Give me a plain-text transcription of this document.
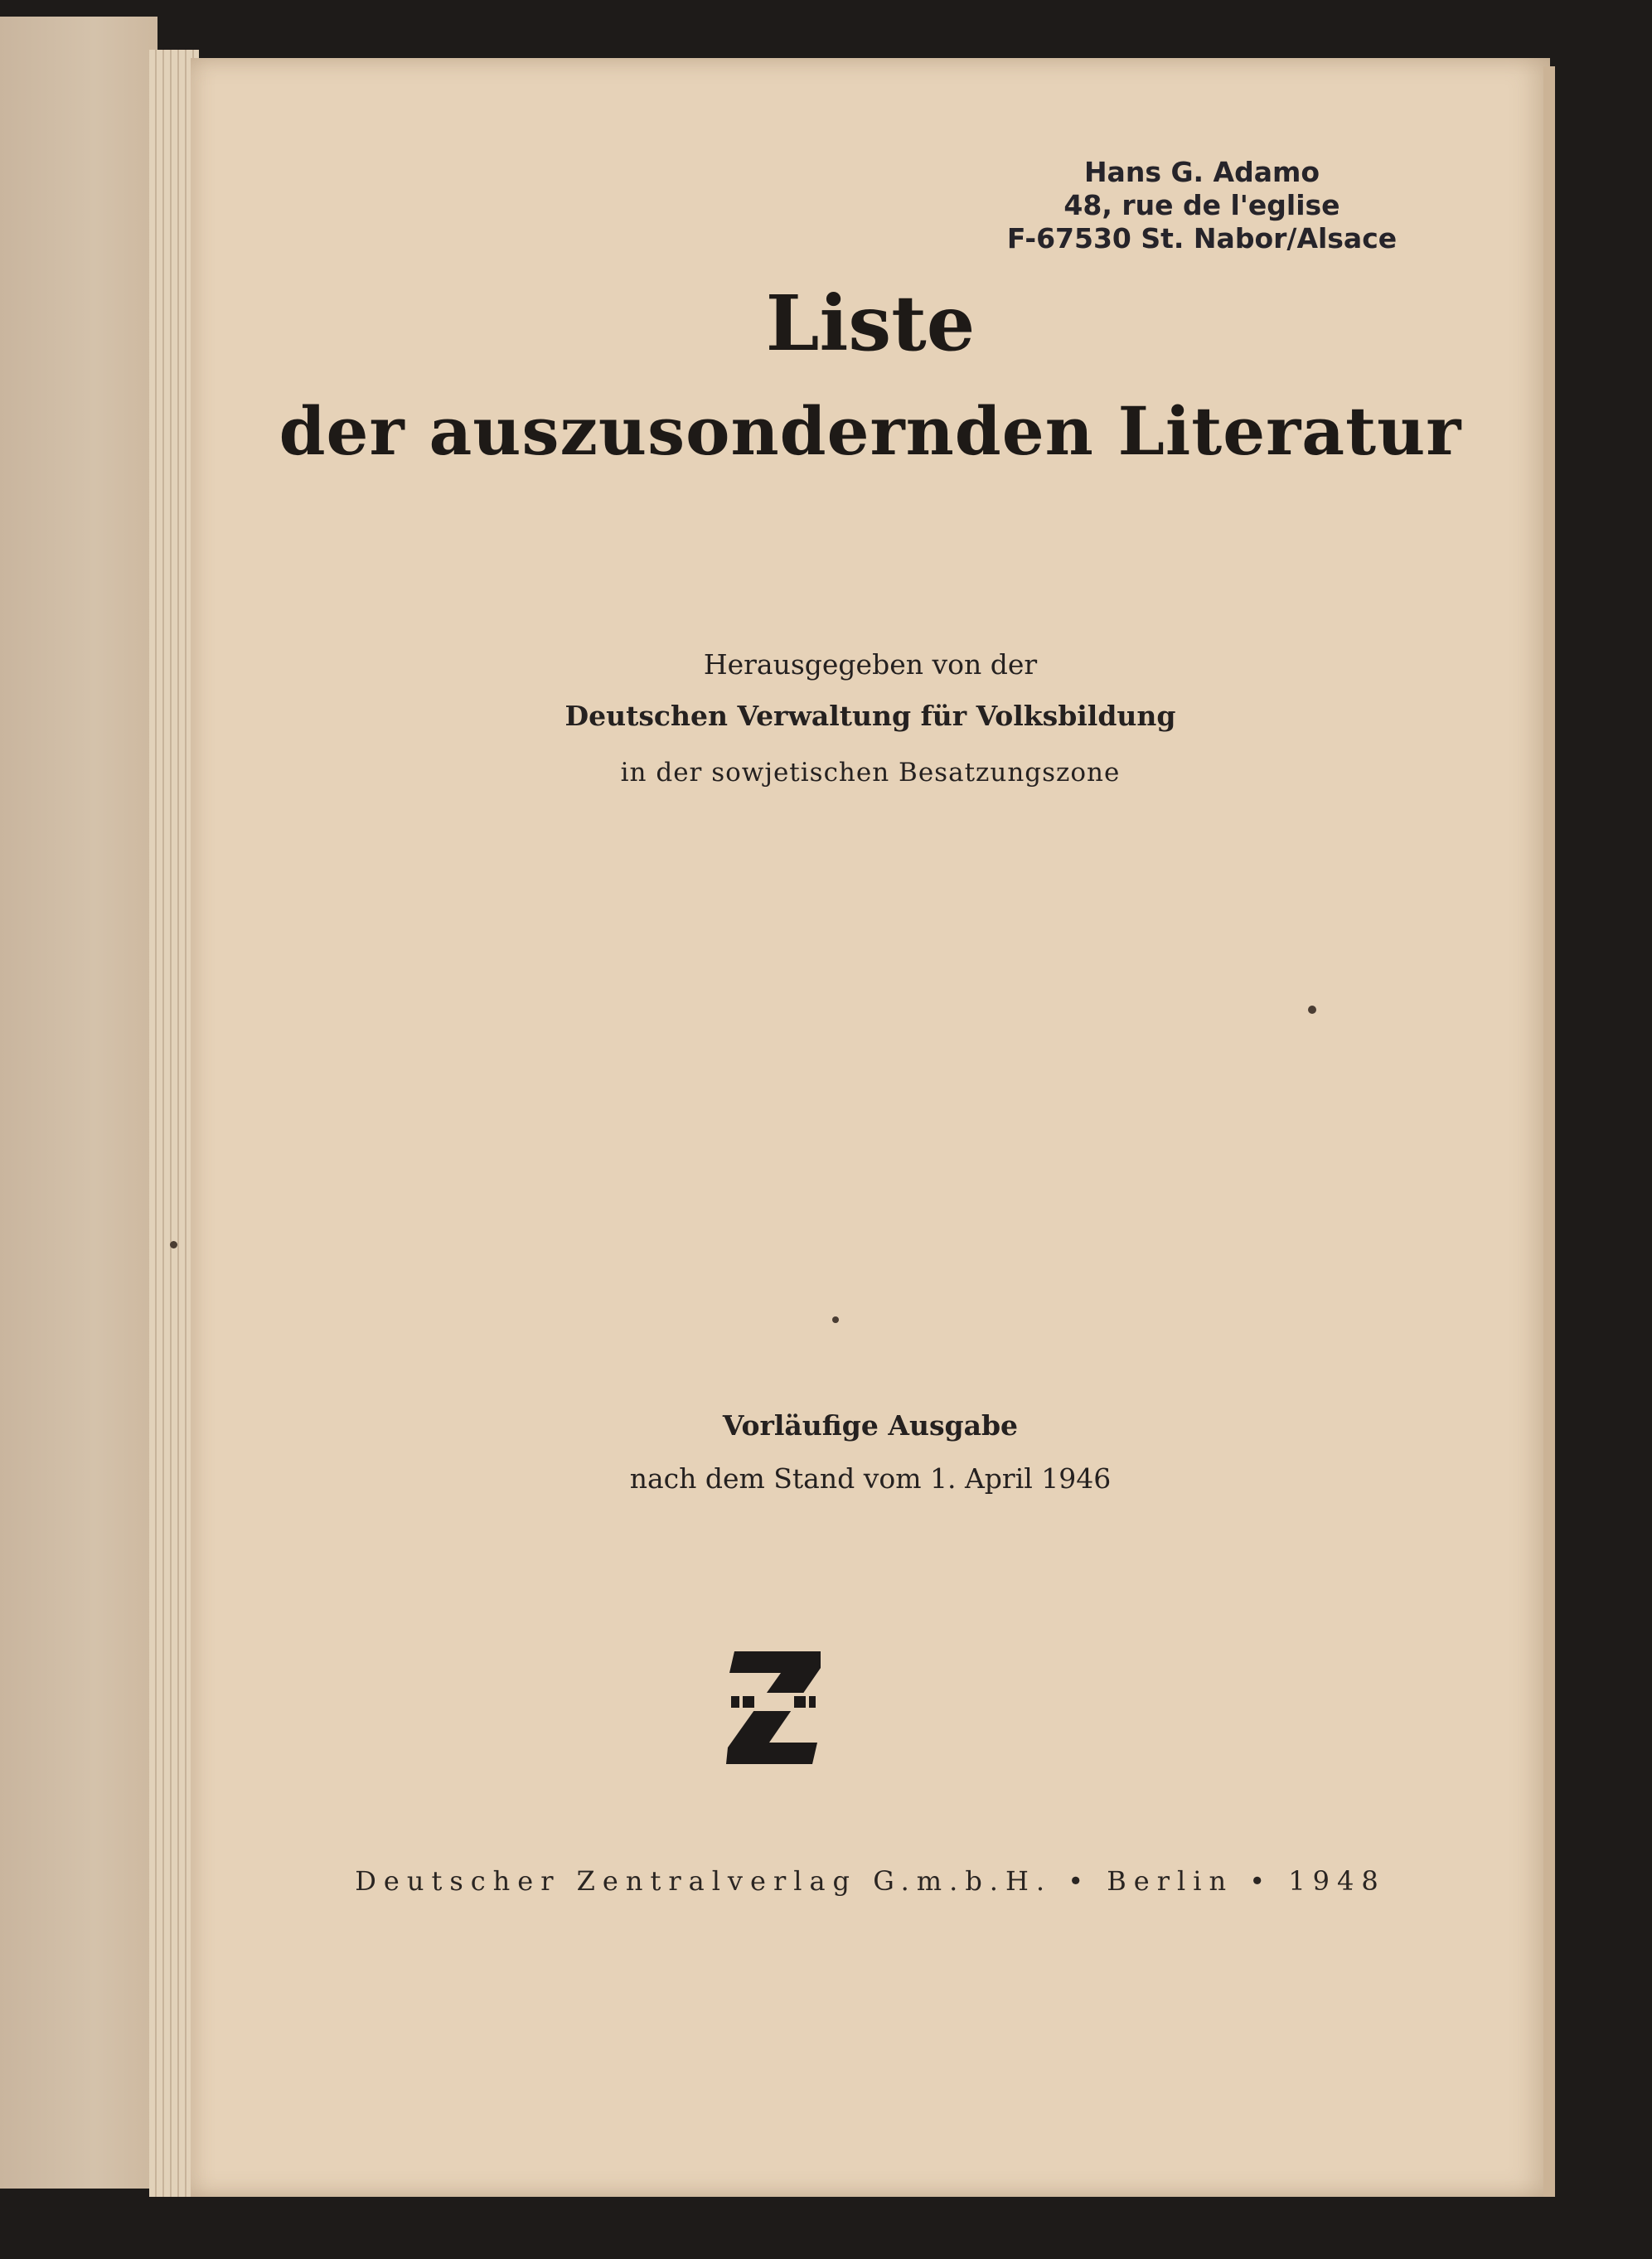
Hans G. Adamo
48, rue de l'eglise
F-67530 St. Nabor/Alsace
Liste
der auszusondernden Literatur
Herausgegeben von der
Deutschen Verwaltung für Volksbildung
in der sowjetischen Besatzungszone
Vorläufige Ausgabe
nach dem Stand vom 1. April 1946
Deutscher Zentralverlag G.m.b.H. • Berlin • 1948
